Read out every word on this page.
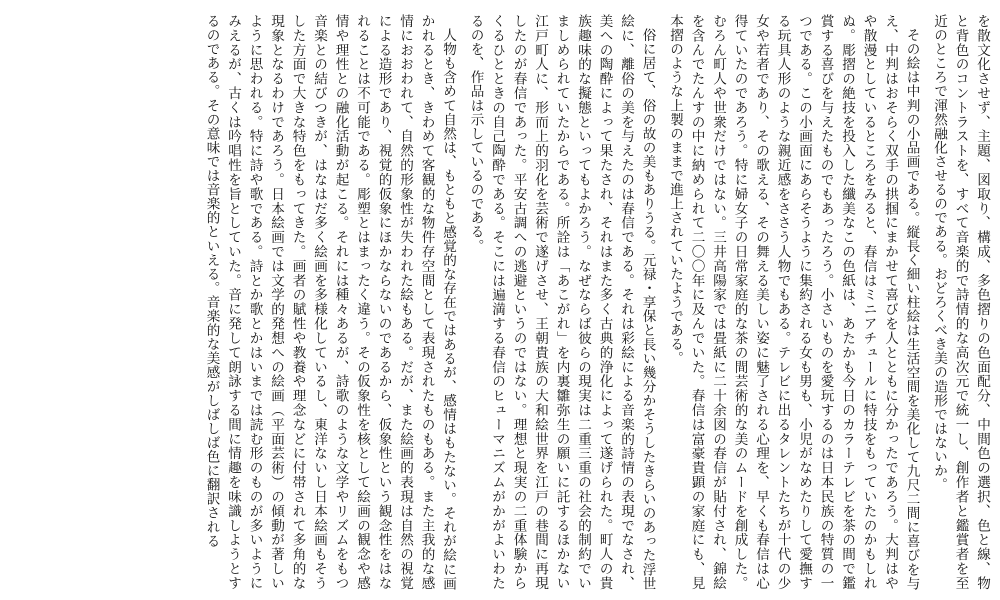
を散文化させず、主題、図取り、構成、多色摺りの色面配分、中間色の選択、色と線、物と背色のコントラストを、すべて音楽的で詩情的な高次元で統一し、創作者と鑑賞者を至近のところで渾然融化させるのである。おどろくべき美の造形ではないか。

その絵は中判の小品画である。縦長く細い柱絵は生活空間を美化して九尺二間に喜びを与え、中判はおそらく双手の拱掴にまかせて喜びを人とともに分かったであろう。大判はやや散漫としているところをみると、春信はミニアチュールに特技をもっていたのかもしれぬ。彫摺の絶技を投入した纖美なこの色紙は、あたかも今日のカラーテレビを茶の間で鑑賞する喜びを与えたものでもあったろう。小さいものを愛玩するのは日本民族の特質の一つである。この小画面にあらそうように集約される女も男も、小児がなめたりして愛撫する玩具人形のような親近感をささう人物でもある。テレビに出るタレントたちが十代の少女や若者であり、その歌える、その舞える美しい姿に魅了される心理を、早くも春信は心得ていたのであろう。特に婦女子の日常家庭的な茶の間芸術的な美のムードを創成した。むろん町人や世衆だけではない。三井高陽家では畳紙に二十余図の春信が貼付され、錦絵を含んでたんすの中に納められて二〇〇年に及んでいた。春信は富豪貴顕の家庭にも、見本摺のような上製のままで進上されていたようである。

俗に居て、俗の故の美もありうる。元禄・享保と長い幾分かそうしたきらいのあった浮世絵に、離俗の美を与えたのは春信である。それは彩絵による音楽的詩情の表現でなされ、美への陶酔によって果たされ、それはまた多く古典的浄化によって遂げられた。町人の貴族趣味的な擬態といってもよかろう。なぜならば彼らの現実は二重三重の社会的制約でいましめられていたからである。所詮は「あこがれ」を内裏雛弥生の願いに託するほかない江戸町人に、形而上的羽化を芸術で遂げさせ、王朝貴族の大和絵世界を江戸の巷間に再現したのが春信であった。平安古調への逃避というのではない。理想と現実の二重体験からくるひとときの自己陶酔である。そこには遍満する春信のヒューマニズムがかがよいわたるのを、作品は示しているのである。

人物も含めて自然は、もともと感覚的な存在ではあるが、感情はもたない。それが絵に画かれるとき、きわめて客観的な物件存空間として表現されたものもある。また主我的な感情におおわれて、自然的形象性が失われた絵もある。だが、また絵画的表現は自然の視覚による造形であり、視覚的仮象にほかならないのであるから、仮象性という観念性をはなれることは不可能である。彫塑とはまったく違う。その仮象性を核として絵画の観念や感情や理性との融化活動が起こる。それには種々あるが、詩歌のような文学やリズムをもつ音楽との結びつきが、はなはだ多く絵画を多様化しているし、東洋ないし日本絵画もそうした方面で大きな特色をもってきた。画者の賦性や教養や理念などに付帯されて多角的な現象となるわけであろう。日本絵画では文学的発想への絵画（平面芸術）の傾動が著しいように思われる。特に詩や歌である。詩とか歌とかはいまでは読む形のものが多いようにみえるが、古くは吟唱性を旨としていた。音に発して朗詠する間に情趣を味識しようとするのである。その意味では音楽的といえる。音楽的な美感がしばしば色に翻訳される
